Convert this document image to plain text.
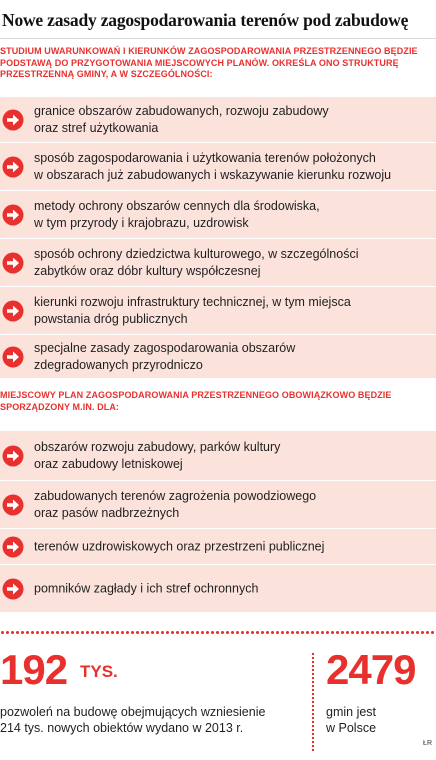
Nowe zasady zagospodarowania terenów pod zabudowę
STUDIUM UWARUNKOWAŃ I KIERUNKÓW ZAGOSPODAROWANIA PRZESTRZENNEGO BĘDZIE PODSTAWĄ DO PRZYGOTOWANIA MIEJSCOWYCH PLANÓW. OKREŚLA ONO STRUKTURĘ PRZESTRZENNĄ GMINY, A W SZCZEGÓLNOŚCI:
granice obszarów zabudowanych, rozwoju zabudowy
oraz stref użytkowania
sposób zagospodarowania i użytkowania terenów położonych
w obszarach już zabudowanych i wskazywanie kierunku rozwoju
metody ochrony obszarów cennych dla środowiska,
w tym przyrody i krajobrazu, uzdrowisk
sposób ochrony dziedzictwa kulturowego, w szczególności
zabytków oraz dóbr kultury współczesnej
kierunki rozwoju infrastruktury technicznej, w tym miejsca
powstania dróg publicznych
specjalne zasady zagospodarowania obszarów
zdegradowanych przyrodniczo
MIEJSCOWY PLAN ZAGOSPODAROWANIA PRZESTRZENNEGO OBOWIĄZKOWO BĘDZIE SPORZĄDZONY M.IN. DLA:
obszarów rozwoju zabudowy, parków kultury
oraz zabudowy letniskowej
zabudowanych terenów zagrożenia powodziowego
oraz pasów nadbrzeżnych
terenów uzdrowiskowych oraz przestrzeni publicznej
pomników zagłady i ich stref ochronnych
192 TYS.
pozwoleń na budowę obejmujących wzniesienie
214 tys. nowych obiektów wydano w 2013 r.
2479
gmin jest
w Polsce
ŁR
